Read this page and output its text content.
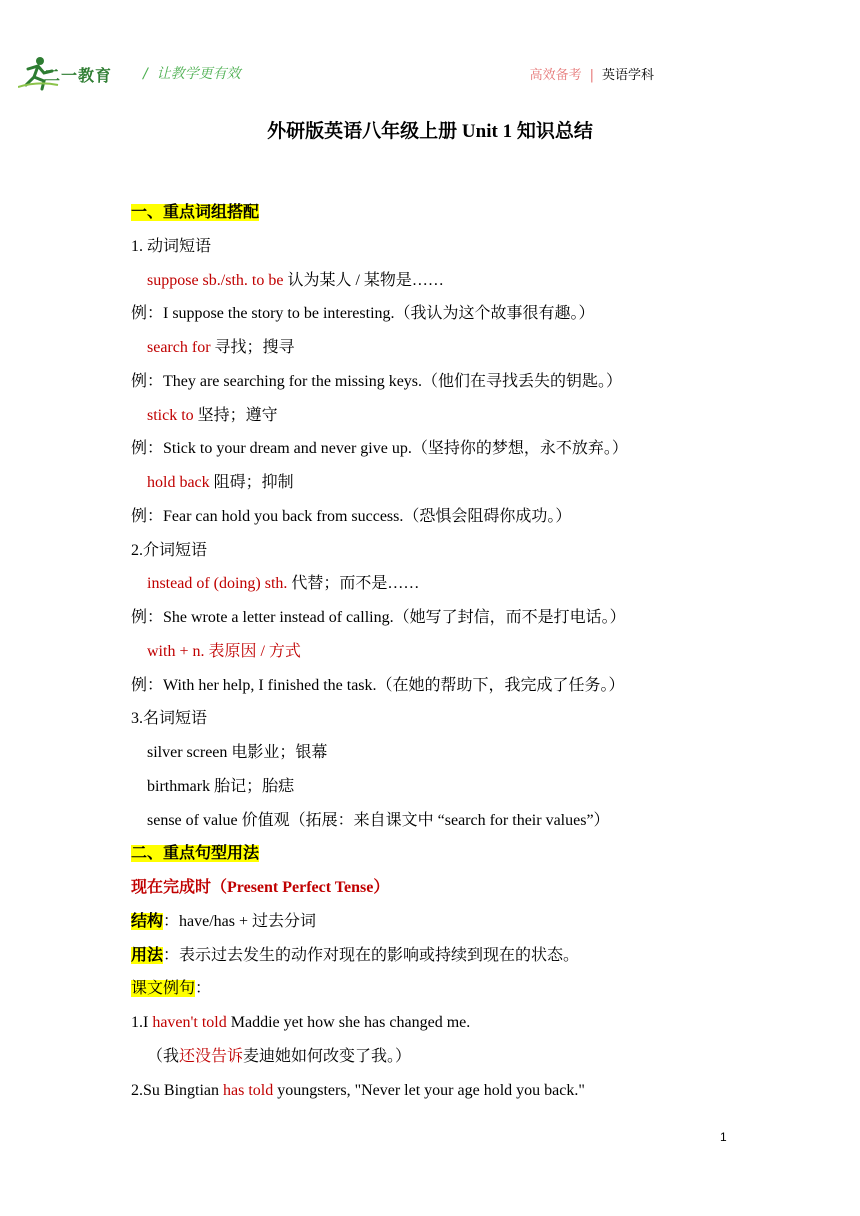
二一教育 /  让教学更有效	高效备考 | 英语学科
外研版英语八年级上册 Unit 1 知识总结
一、重点词组搭配
1. 动词短语
suppose sb./sth. to be 认为某人 / 某物是……
例：I suppose the story to be interesting.（我认为这个故事很有趣。）
search for 寻找；搜寻
例：They are searching for the missing keys.（他们在寻找丢失的钥匙。）
stick to 坚持；遵守
例：Stick to your dream and never give up.（坚持你的梦想，永不放弃。）
hold back 阻碍；抑制
例：Fear can hold you back from success.（恐惧会阻碍你成功。）
2.介词短语
instead of (doing) sth. 代替；而不是……
例：She wrote a letter instead of calling.（她写了封信，而不是打电话。）
with + n. 表原因 / 方式
例：With her help, I finished the task.（在她的帮助下，我完成了任务。）
3.名词短语
silver screen 电影业；银幕
birthmark 胎记；胎痣
sense of value 价值观（拓展：来自课文中 “search for their values”）
二、重点句型用法
现在完成时（Present Perfect Tense）
结构：have/has + 过去分词
用法：表示过去发生的动作对现在的影响或持续到现在的状态。
课文例句：
1.I haven't told Maddie yet how she has changed me.
（我还没告诉麦迪她如何改变了我。）
2.Su Bingtian has told youngsters, "Never let your age hold you back."
1
